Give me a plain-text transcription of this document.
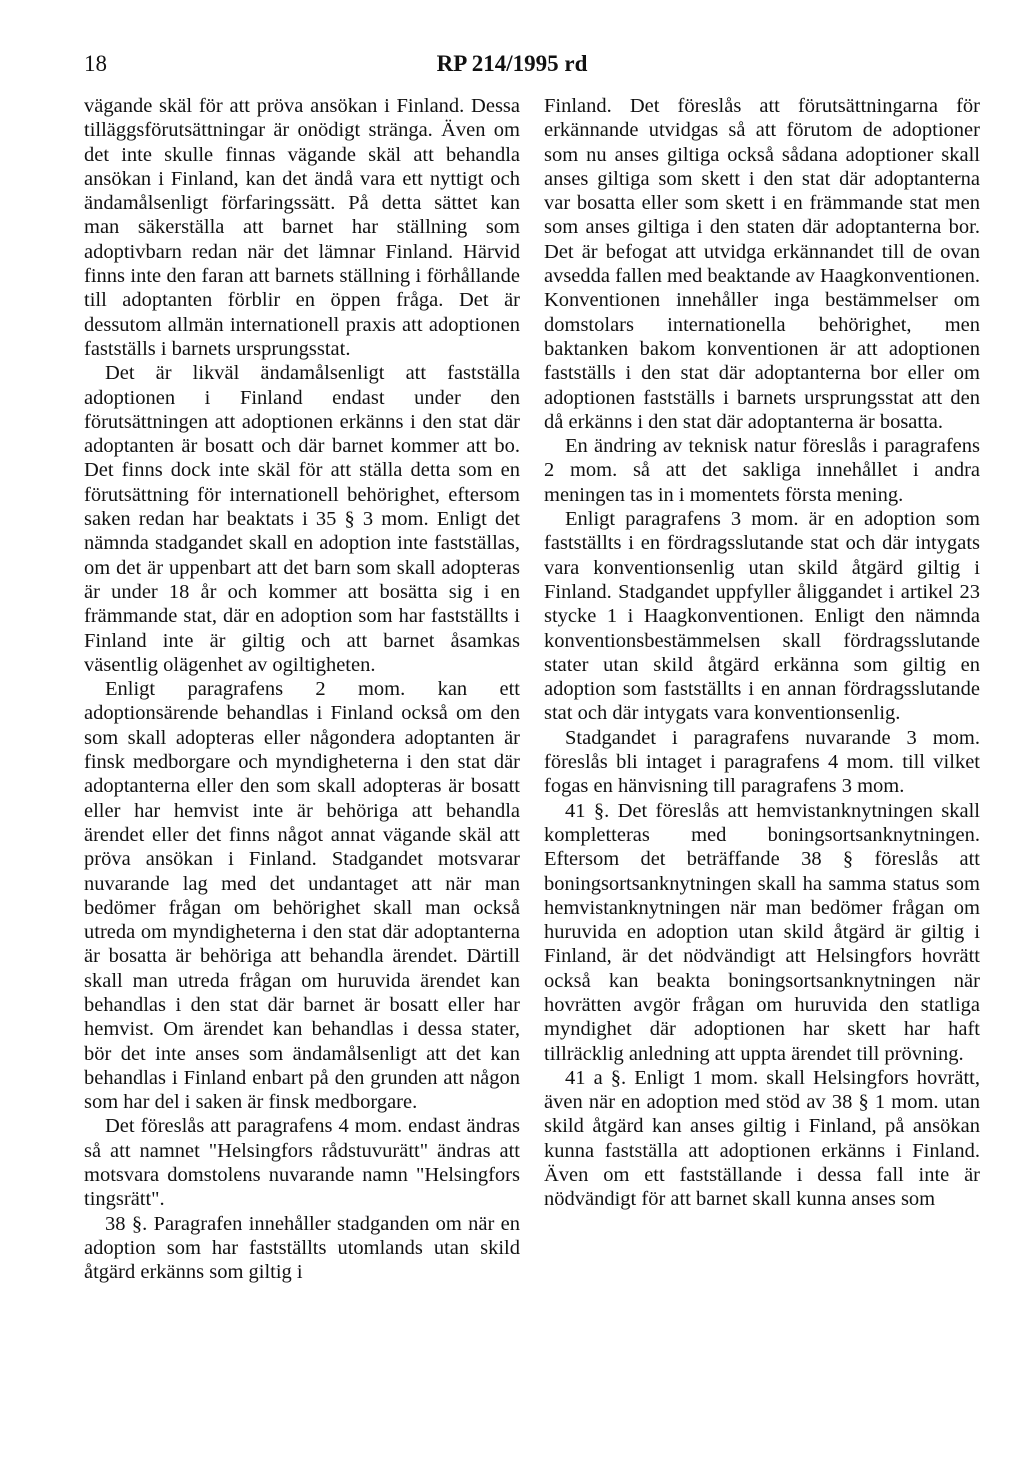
18	RP 214/1995 rd

vägande skäl för att pröva ansökan i Finland. Dessa tilläggsförutsättningar är onödigt stränga. Även om det inte skulle finnas vägande skäl att behandla ansökan i Finland, kan det ändå vara ett nyttigt och ändamålsenligt förfaringssätt. På detta sättet kan man säkerställa att barnet har ställning som adoptivbarn redan när det lämnar Finland. Härvid finns inte den faran att barnets ställning i förhållande till adoptanten förblir en öppen fråga. Det är dessutom allmän internationell praxis att adoptionen fastställs i barnets ursprungsstat.

Det är likväl ändamålsenligt att fastställa adoptionen i Finland endast under den förutsättningen att adoptionen erkänns i den stat där adoptanten är bosatt och där barnet kommer att bo. Det finns dock inte skäl för att ställa detta som en förutsättning för internationell behörighet, eftersom saken redan har beaktats i 35 § 3 mom. Enligt det nämnda stadgandet skall en adoption inte fastställas, om det är uppenbart att det barn som skall adopteras är under 18 år och kommer att bosätta sig i en främmande stat, där en adoption som har fastställts i Finland inte är giltig och att barnet åsamkas väsentlig olägenhet av ogiltigheten.

Enligt paragrafens 2 mom. kan ett adoptionsärende behandlas i Finland också om den som skall adopteras eller någondera adoptanten är finsk medborgare och myndigheterna i den stat där adoptanterna eller den som skall adopteras är bosatt eller har hemvist inte är behöriga att behandla ärendet eller det finns något annat vägande skäl att pröva ansökan i Finland. Stadgandet motsvarar nuvarande lag med det undantaget att när man bedömer frågan om behörighet skall man också utreda om myndigheterna i den stat där adoptanterna är bosatta är behöriga att behandla ärendet. Därtill skall man utreda frågan om huruvida ärendet kan behandlas i den stat där barnet är bosatt eller har hemvist. Om ärendet kan behandlas i dessa stater, bör det inte anses som ändamålsenligt att det kan behandlas i Finland enbart på den grunden att någon som har del i saken är finsk medborgare.

Det föreslås att paragrafens 4 mom. endast ändras så att namnet "Helsingfors rådstuvurätt" ändras att motsvara domstolens nuvarande namn "Helsingfors tingsrätt".

38 §. Paragrafen innehåller stadganden om när en adoption som har fastställts utomlands utan skild åtgärd erkänns som giltig i

Finland. Det föreslås att förutsättningarna för erkännande utvidgas så att förutom de adoptioner som nu anses giltiga också sådana adoptioner skall anses giltiga som skett i den stat där adoptanterna var bosatta eller som skett i en främmande stat men som anses giltiga i den staten där adoptanterna bor. Det är befogat att utvidga erkännandet till de ovan avsedda fallen med beaktande av Haagkonventionen. Konventionen innehåller inga bestämmelser om domstolars internationella behörighet, men baktanken bakom konventionen är att adoptionen fastställs i den stat där adoptanterna bor eller om adoptionen fastställs i barnets ursprungsstat att den då erkänns i den stat där adoptanterna är bosatta.

En ändring av teknisk natur föreslås i paragrafens 2 mom. så att det sakliga innehållet i andra meningen tas in i momentets första mening.

Enligt paragrafens 3 mom. är en adoption som fastställts i en fördragsslutande stat och där intygats vara konventionsenlig utan skild åtgärd giltig i Finland. Stadgandet uppfyller åliggandet i artikel 23 stycke 1 i Haagkonventionen. Enligt den nämnda konventionsbestämmelsen skall fördragsslutande stater utan skild åtgärd erkänna som giltig en adoption som fastställts i en annan fördragsslutande stat och där intygats vara konventionsenlig.

Stadgandet i paragrafens nuvarande 3 mom. föreslås bli intaget i paragrafens 4 mom. till vilket fogas en hänvisning till paragrafens 3 mom.

41 §. Det föreslås att hemvistanknytningen skall kompletteras med boningsortsanknytningen. Eftersom det beträffande 38 § föreslås att boningsortsanknytningen skall ha samma status som hemvistanknytningen när man bedömer frågan om huruvida en adoption utan skild åtgärd är giltig i Finland, är det nödvändigt att Helsingfors hovrätt också kan beakta boningsortsanknytningen när hovrätten avgör frågan om huruvida den statliga myndighet där adoptionen har skett har haft tillräcklig anledning att uppta ärendet till prövning.

41 a §. Enligt 1 mom. skall Helsingfors hovrätt, även när en adoption med stöd av 38 § 1 mom. utan skild åtgärd kan anses giltig i Finland, på ansökan kunna fastställa att adoptionen erkänns i Finland. Även om ett fastställande i dessa fall inte är nödvändigt för att barnet skall kunna anses som
